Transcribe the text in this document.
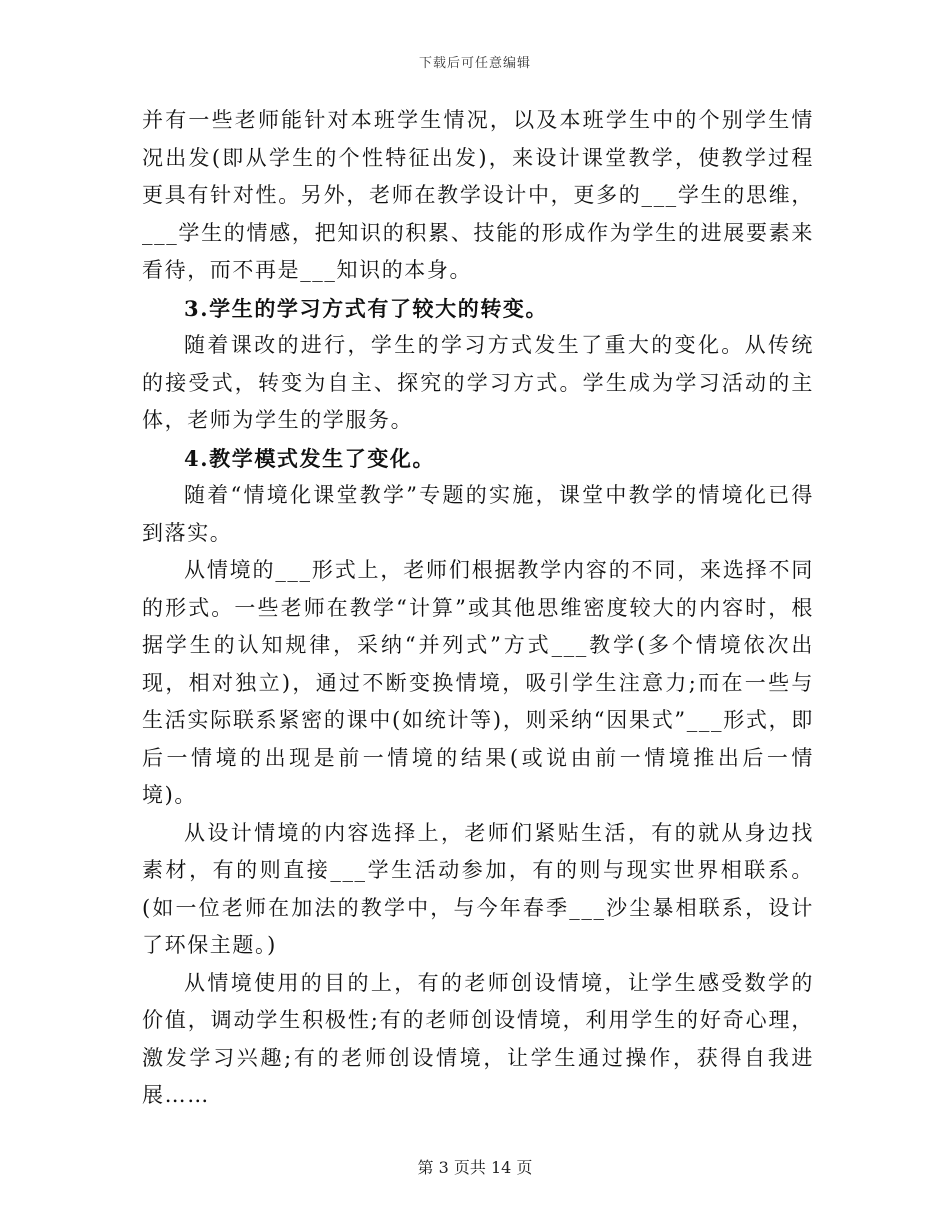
下载后可任意编辑

并有一些老师能针对本班学生情况，以及本班学生中的个别学生情况出发(即从学生的个性特征出发)，来设计课堂教学，使教学过程更具有针对性。另外，老师在教学设计中，更多的___学生的思维，___学生的情感，把知识的积累、技能的形成作为学生的进展要素来看待，而不再是___知识的本身。

3.学生的学习方式有了较大的转变。

随着课改的进行，学生的学习方式发生了重大的变化。从传统的接受式，转变为自主、探究的学习方式。学生成为学习活动的主体，老师为学生的学服务。

4.教学模式发生了变化。

随着“情境化课堂教学”专题的实施，课堂中教学的情境化已得到落实。

从情境的___形式上，老师们根据教学内容的不同，来选择不同的形式。一些老师在教学“计算”或其他思维密度较大的内容时，根据学生的认知规律，采纳“并列式”方式___教学(多个情境依次出现，相对独立)，通过不断变换情境，吸引学生注意力;而在一些与生活实际联系紧密的课中(如统计等)，则采纳“因果式”___形式，即后一情境的出现是前一情境的结果(或说由前一情境推出后一情境)。

从设计情境的内容选择上，老师们紧贴生活，有的就从身边找素材，有的则直接___学生活动参加，有的则与现实世界相联系。(如一位老师在加法的教学中，与今年春季___沙尘暴相联系，设计了环保主题。)

从情境使用的目的上，有的老师创设情境，让学生感受数学的价值，调动学生积极性;有的老师创设情境，利用学生的好奇心理，激发学习兴趣;有的老师创设情境，让学生通过操作，获得自我进展……

第 3 页共 14 页
